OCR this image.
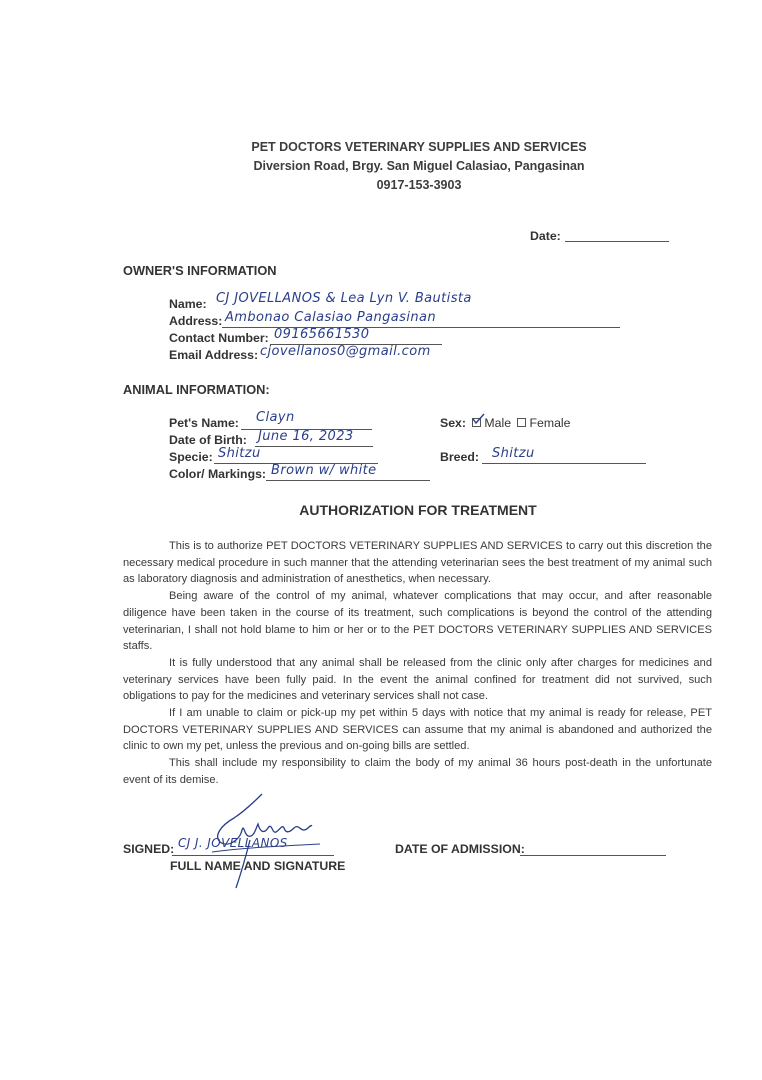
PET DOCTORS VETERINARY SUPPLIES AND SERVICES
Diversion Road, Brgy. San Miguel Calasiao, Pangasinan
0917-153-3903
Date:
OWNER'S INFORMATION
Name: CJ JOVELLANOS & Lea Lyn V. Bautista
Address: Ambonao Calasiao Pangasinan
Contact Number: 09165661530
Email Address: cjovellanos0@gmail.com
ANIMAL INFORMATION:
Pet's Name: Clayn
Date of Birth: June 16, 2023
Specie: Shitzu
Color/ Markings: Brown w/ white
Sex: Male Female
Breed: Shitzu
AUTHORIZATION FOR TREATMENT

This is to authorize PET DOCTORS VETERINARY SUPPLIES AND SERVICES to carry out this discretion the necessary medical procedure in such manner that the attending veterinarian sees the best treatment of my animal such as laboratory diagnosis and administration of anesthetics, when necessary.

Being aware of the control of my animal, whatever complications that may occur, and after reasonable diligence have been taken in the course of its treatment, such complications is beyond the control of the attending veterinarian, I shall not hold blame to him or her or to the PET DOCTORS VETERINARY SUPPLIES AND SERVICES staffs.

It is fully understood that any animal shall be released from the clinic only after charges for medicines and veterinary services have been fully paid. In the event the animal confined for treatment did not survived, such obligations to pay for the medicines and veterinary services shall not case.

If I am unable to claim or pick-up my pet within 5 days with notice that my animal is ready for release, PET DOCTORS VETERINARY SUPPLIES AND SERVICES can assume that my animal is abandoned and authorized the clinic to own my pet, unless the previous and on-going bills are settled.

This shall include my responsibility to claim the body of my animal 36 hours post-death in the unfortunate event of its demise.

SIGNED: CJ J. JOVELLANOS
FULL NAME AND SIGNATURE
DATE OF ADMISSION:
